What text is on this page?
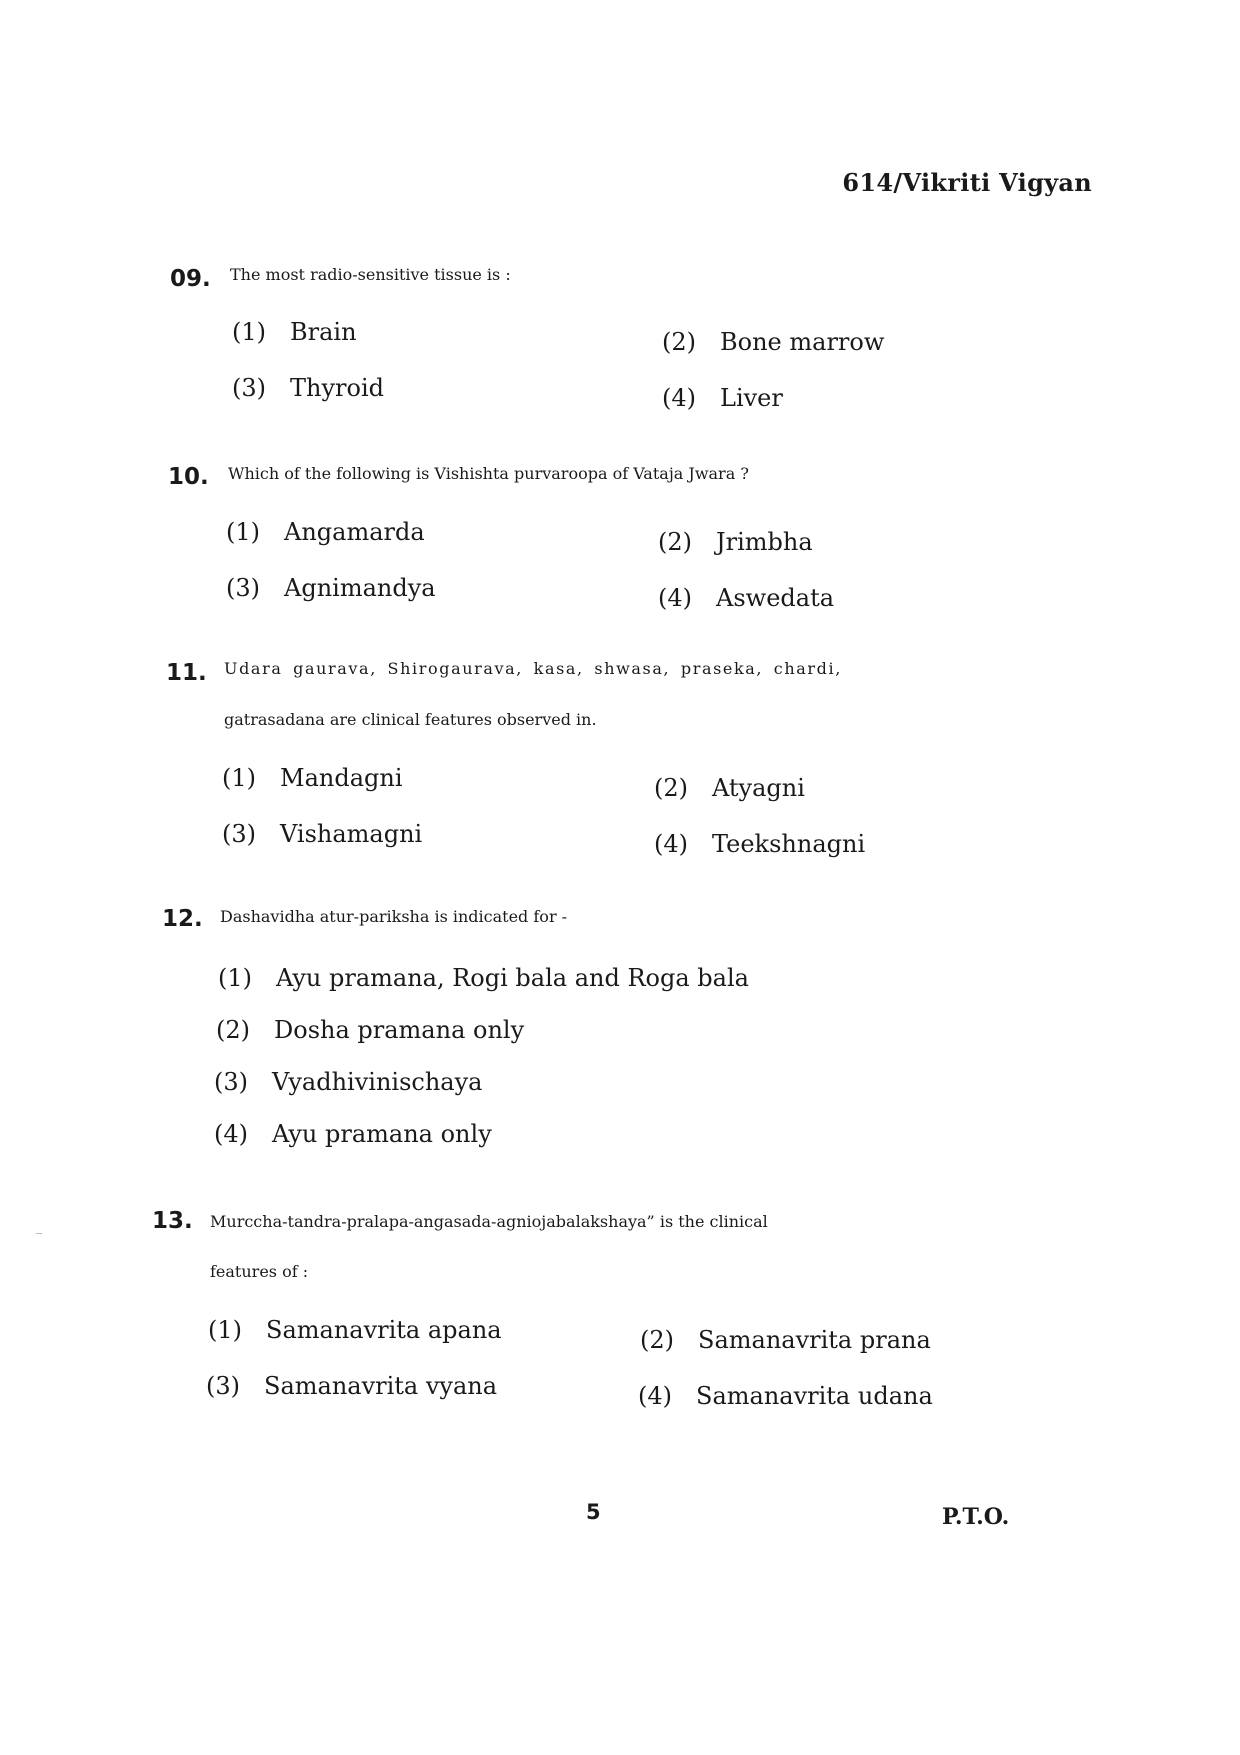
614/Vikriti Vigyan
09. The most radio-sensitive tissue is :
(1) Brain	(2) Bone marrow
(3) Thyroid	(4) Liver
10. Which of the following is Vishishta purvaroopa of Vataja Jwara ?
(1) Angamarda	(2) Jrimbha
(3) Agnimandya	(4) Aswedata
11. Udara gaurava, Shirogaurava, kasa, shwasa, praseka, chardi,
gatrasadana are clinical features observed in.
(1) Mandagni	(2) Atyagni
(3) Vishamagni	(4) Teekshnagni
12. Dashavidha atur-pariksha is indicated for -
(1) Ayu pramana, Rogi bala and Roga bala
(2) Dosha pramana only
(3) Vyadhivinischaya
(4) Ayu pramana only
13. Murccha-tandra-pralapa-angasada-agniojabalakshaya” is the clinical
features of :
(1) Samanavrita apana	(2) Samanavrita prana
(3) Samanavrita vyana	(4) Samanavrita udana
5	P.T.O.
